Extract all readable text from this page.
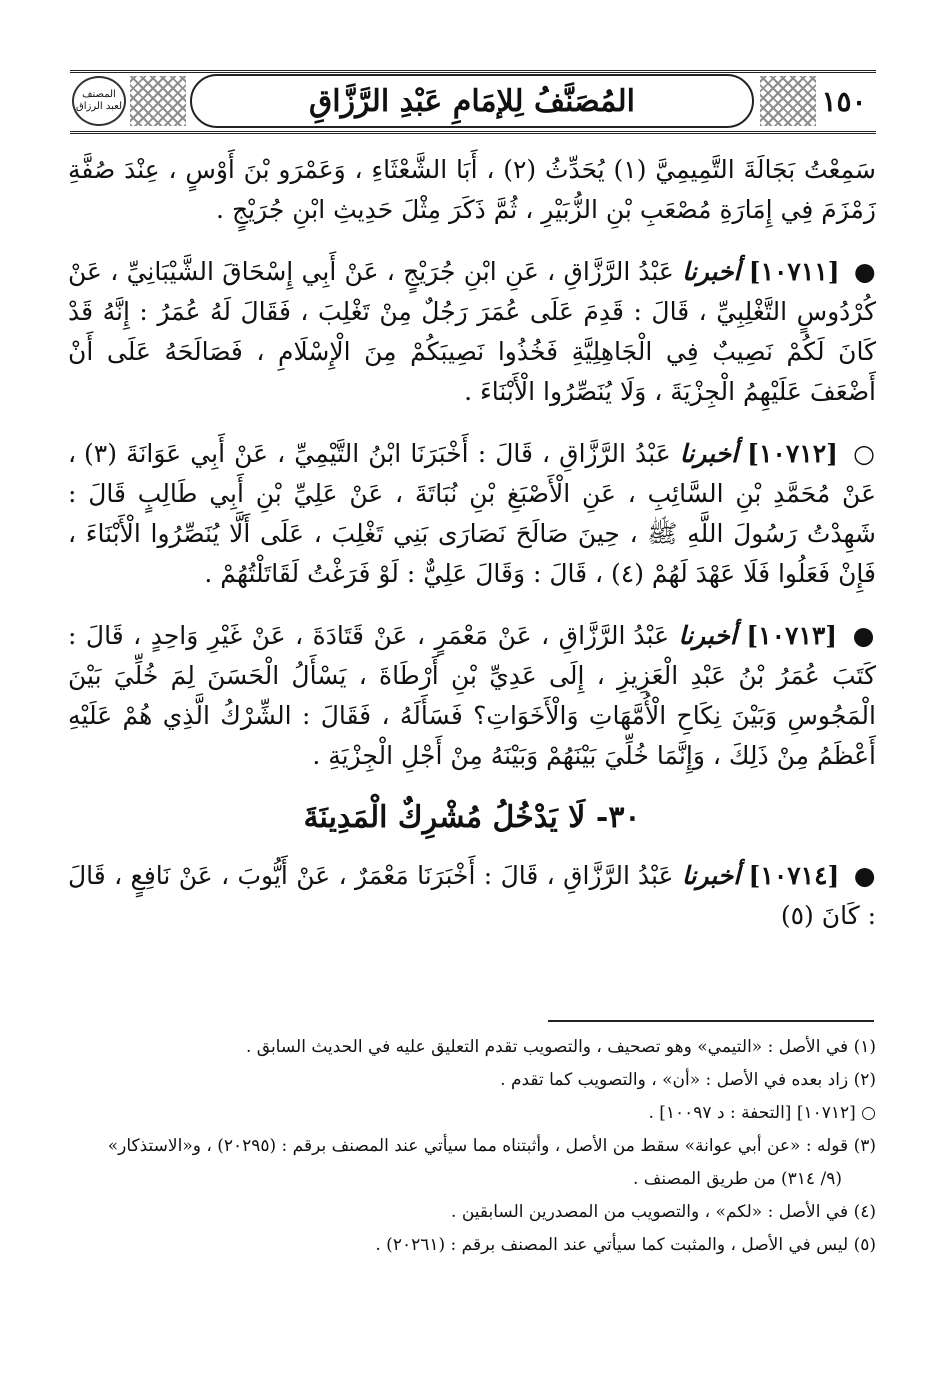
المصنف لعبد الرزاق	المُصَنَّفُ لِلإمَامِ عَبْدِ الرَّزَّاقِ	١٥٠

سَمِعْتُ بَجَالَةَ التَّمِيمِيَّ (١) يُحَدِّثُ (٢) ، أَبَا الشَّعْثَاءِ ، وَعَمْرَو بْنَ أَوْسٍ ، عِنْدَ صُفَّةِ زَمْزَمَ فِي إِمَارَةِ مُصْعَبِ بْنِ الزُّبَيْرِ ، ثُمَّ ذَكَرَ مِثْلَ حَدِيثِ ابْنِ جُرَيْجٍ .

● [١٠٧١١] أخبرنا عَبْدُ الرَّزَّاقِ ، عَنِ ابْنِ جُرَيْجٍ ، عَنْ أَبِي إِسْحَاقَ الشَّيْبَانِيِّ ، عَنْ كُرْدُوسٍ التَّغْلِبِيِّ ، قَالَ : قَدِمَ عَلَى عُمَرَ رَجُلٌ مِنْ تَغْلِبَ ، فَقَالَ لَهُ عُمَرُ : إِنَّهُ قَدْ كَانَ لَكُمْ نَصِيبٌ فِي الْجَاهِلِيَّةِ فَخُذُوا نَصِيبَكُمْ مِنَ الْإِسْلَامِ ، فَصَالَحَهُ عَلَى أَنْ أَضْعَفَ عَلَيْهِمُ الْجِزْيَةَ ، وَلَا يُنَصِّرُوا الْأَبْنَاءَ .

○ [١٠٧١٢] أخبرنا عَبْدُ الرَّزَّاقِ ، قَالَ : أَخْبَرَنَا ابْنُ التَّيْمِيِّ ، عَنْ أَبِي عَوَانَةَ (٣) ، عَنْ مُحَمَّدِ بْنِ السَّائِبِ ، عَنِ الْأَصْبَغِ بْنِ نُبَاتَةَ ، عَنْ عَلِيِّ بْنِ أَبِي طَالِبٍ قَالَ : شَهِدْتُ رَسُولَ اللَّهِ ﷺ ، حِينَ صَالَحَ نَصَارَى بَنِي تَغْلِبَ ، عَلَى أَلَّا يُنَصِّرُوا الْأَبْنَاءَ ، فَإِنْ فَعَلُوا فَلَا عَهْدَ لَهُمْ (٤) ، قَالَ : وَقَالَ عَلِيٌّ : لَوْ فَرَغْتُ لَقَاتَلْتُهُمْ .

● [١٠٧١٣] أخبرنا عَبْدُ الرَّزَّاقِ ، عَنْ مَعْمَرٍ ، عَنْ قَتَادَةَ ، عَنْ غَيْرِ وَاحِدٍ ، قَالَ : كَتَبَ عُمَرُ بْنُ عَبْدِ الْعَزِيزِ ، إِلَى عَدِيِّ بْنِ أَرْطَاةَ ، يَسْأَلُ الْحَسَنَ لِمَ خُلِّيَ بَيْنَ الْمَجُوسِ وَبَيْنَ نِكَاحِ الْأُمَّهَاتِ وَالْأَخَوَاتِ؟ فَسَأَلَهُ ، فَقَالَ : الشِّرْكُ الَّذِي هُمْ عَلَيْهِ أَعْظَمُ مِنْ ذَلِكَ ، وَإِنَّمَا خُلِّيَ بَيْنَهُمْ وَبَيْنَهُ مِنْ أَجْلِ الْجِزْيَةِ .

٣٠- لَا يَدْخُلُ مُشْرِكٌ الْمَدِينَةَ

● [١٠٧١٤] أخبرنا عَبْدُ الرَّزَّاقِ ، قَالَ : أَخْبَرَنَا مَعْمَرٌ ، عَنْ أَيُّوبَ ، عَنْ نَافِعٍ ، قَالَ : كَانَ (٥)

(١) في الأصل : «التيمي» وهو تصحيف ، والتصويب تقدم التعليق عليه في الحديث السابق .

(٢) زاد بعده في الأصل : «أن» ، والتصويب كما تقدم .

○ [١٠٧١٢] [التحفة : د ١٠٠٩٧] .

(٣) قوله : «عن أبي عوانة» سقط من الأصل ، وأثبتناه مما سيأتي عند المصنف برقم : (٢٠٢٩٥) ، و«الاستذكار»

(٩/ ٣١٤) من طريق المصنف .

(٤) في الأصل : «لكم» ، والتصويب من المصدرين السابقين .

(٥) ليس في الأصل ، والمثبت كما سيأتي عند المصنف برقم : (٢٠٢٦١) .
